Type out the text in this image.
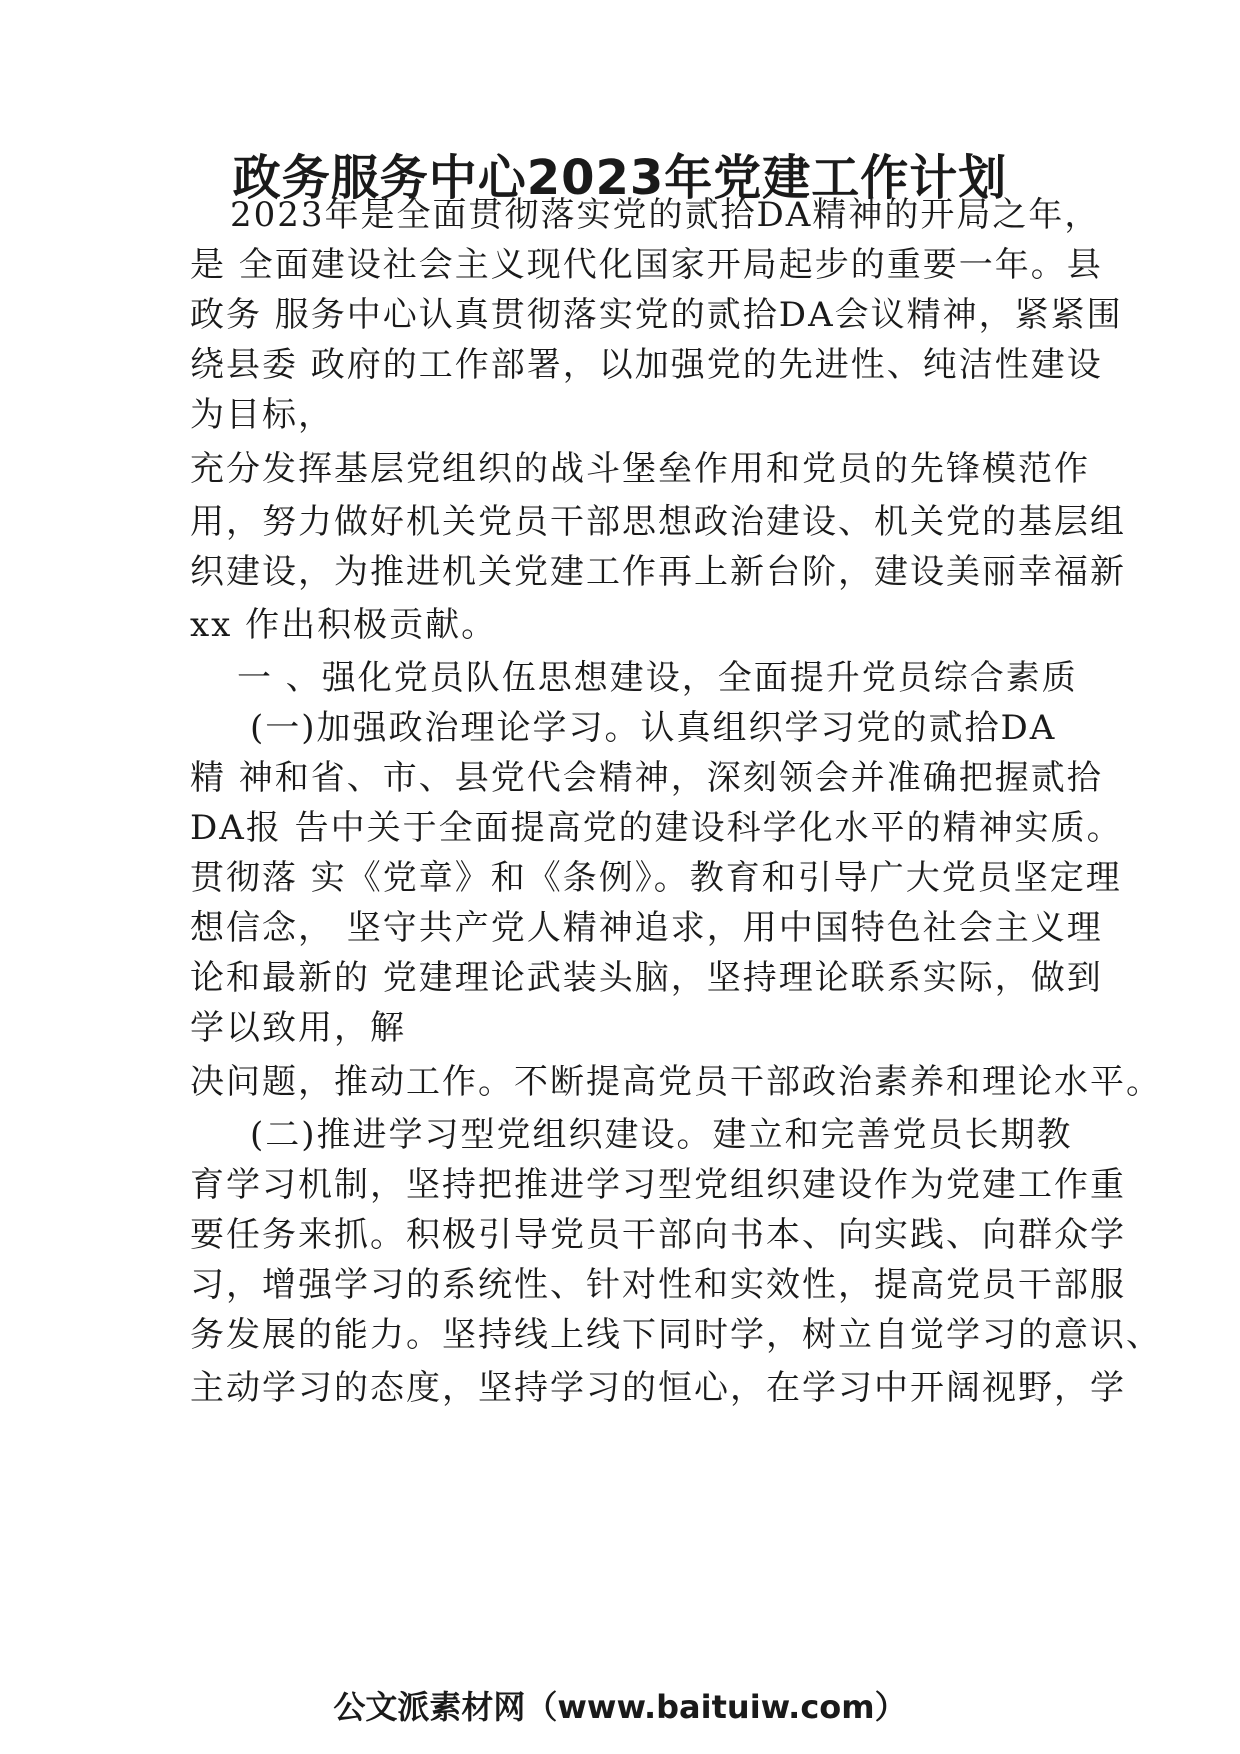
政务服务中心2023年党建工作计划

2023年是全面贯彻落实党的贰拾DA精神的开局之年，

是 全面建设社会主义现代化国家开局起步的重要一年。县

政务 服务中心认真贯彻落实党的贰拾DA会议精神，紧紧围

绕县委 政府的工作部署，以加强党的先进性、纯洁性建设

为目标，

充分发挥基层党组织的战斗堡垒作用和党员的先锋模范作

用，努力做好机关党员干部思想政治建设、机关党的基层组

织建设，为推进机关党建工作再上新台阶，建设美丽幸福新

xx 作出积极贡献。

一 、强化党员队伍思想建设，全面提升党员综合素质

(一)加强政治理论学习。认真组织学习党的贰拾DA

精 神和省、市、县党代会精神，深刻领会并准确把握贰拾

DA报 告中关于全面提高党的建设科学化水平的精神实质。

贯彻落 实《党章》和《条例》。教育和引导广大党员坚定理

想信念， 坚守共产党人精神追求，用中国特色社会主义理

论和最新的 党建理论武装头脑，坚持理论联系实际，做到

学以致用，解

决问题，推动工作。不断提高党员干部政治素养和理论水平。

(二)推进学习型党组织建设。建立和完善党员长期教

育学习机制，坚持把推进学习型党组织建设作为党建工作重

要任务来抓。积极引导党员干部向书本、向实践、向群众学

习，增强学习的系统性、针对性和实效性，提高党员干部服

务发展的能力。坚持线上线下同时学，树立自觉学习的意识、

主动学习的态度，坚持学习的恒心，在学习中开阔视野，学

公文派素材网（www.baituiw.com）
